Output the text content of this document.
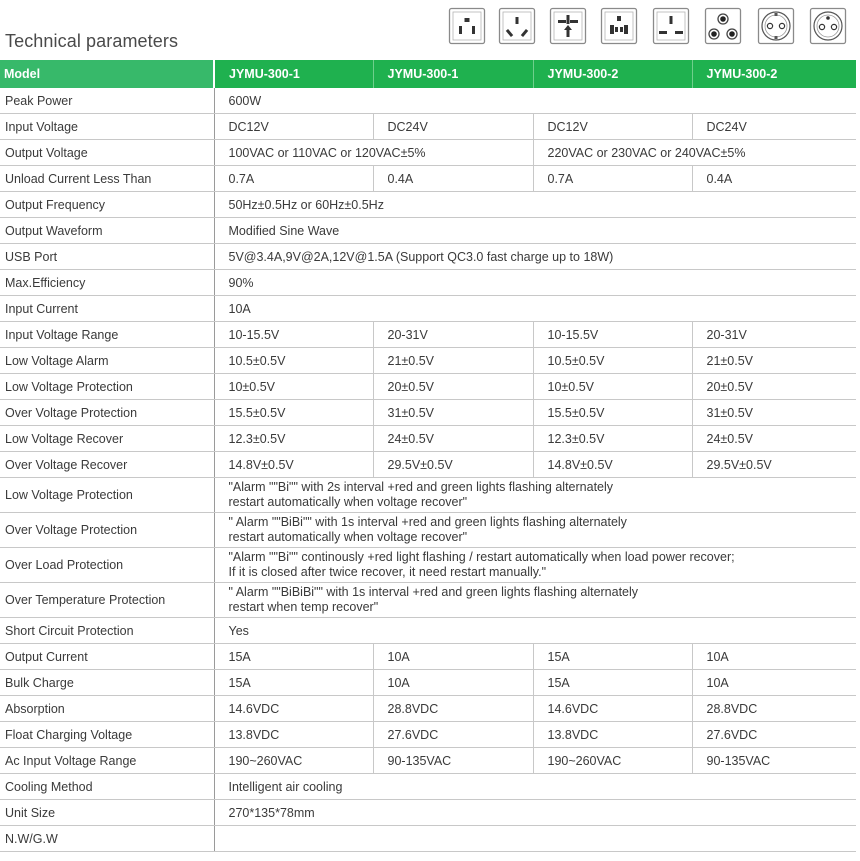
Technical parameters
Model	JYMU-300-1	JYMU-300-1	JYMU-300-2	JYMU-300-2
Peak Power	600W			
Input Voltage	DC12V	DC24V	DC12V	DC24V
Output Voltage	100VAC or 110VAC or 120VAC±5%		220VAC or 230VAC or 240VAC±5%	
Unload Current Less Than	0.7A	0.4A	0.7A	0.4A
Output Frequency	50Hz±0.5Hz or 60Hz±0.5Hz			
Output Waveform	Modified Sine Wave			
USB Port	5V@3.4A,9V@2A,12V@1.5A (Support QC3.0 fast charge up to 18W)			
Max.Efficiency	90%			
Input Current	10A			
Input Voltage Range	10-15.5V	20-31V	10-15.5V	20-31V
Low Voltage Alarm	10.5±0.5V	21±0.5V	10.5±0.5V	21±0.5V
Low Voltage Protection	10±0.5V	20±0.5V	10±0.5V	20±0.5V
Over Voltage Protection	15.5±0.5V	31±0.5V	15.5±0.5V	31±0.5V
Low Voltage Recover	12.3±0.5V	24±0.5V	12.3±0.5V	24±0.5V
Over Voltage Recover	14.8V±0.5V	29.5V±0.5V	14.8V±0.5V	29.5V±0.5V
Low Voltage Protection	"Alarm ""Bi"" with 2s interval +red and green lights flashing alternately
restart automatically when voltage recover"			

Over Voltage Protection	" Alarm ""BiBi"" with 1s interval +red and green lights flashing alternately
restart automatically when voltage recover"			

Over Load Protection	"Alarm ""Bi"" continously +red light flashing / restart automatically when load power recover;
If it is closed after twice recover, it need restart manually."			

Over Temperature Protection	" Alarm ""BiBiBi"" with 1s interval +red and green lights flashing alternately
restart when temp recover"			

Short Circuit Protection	Yes			
Output Current	15A	10A	15A	10A
Bulk Charge	15A	10A	15A	10A
Absorption	14.6VDC	28.8VDC	14.6VDC	28.8VDC
Float Charging Voltage	13.8VDC	27.6VDC	13.8VDC	27.6VDC
Ac Input Voltage Range	190~260VAC	90-135VAC	190~260VAC	90-135VAC
Cooling Method	Intelligent air cooling			
Unit Size	270*135*78mm			
N.W/G.W				
